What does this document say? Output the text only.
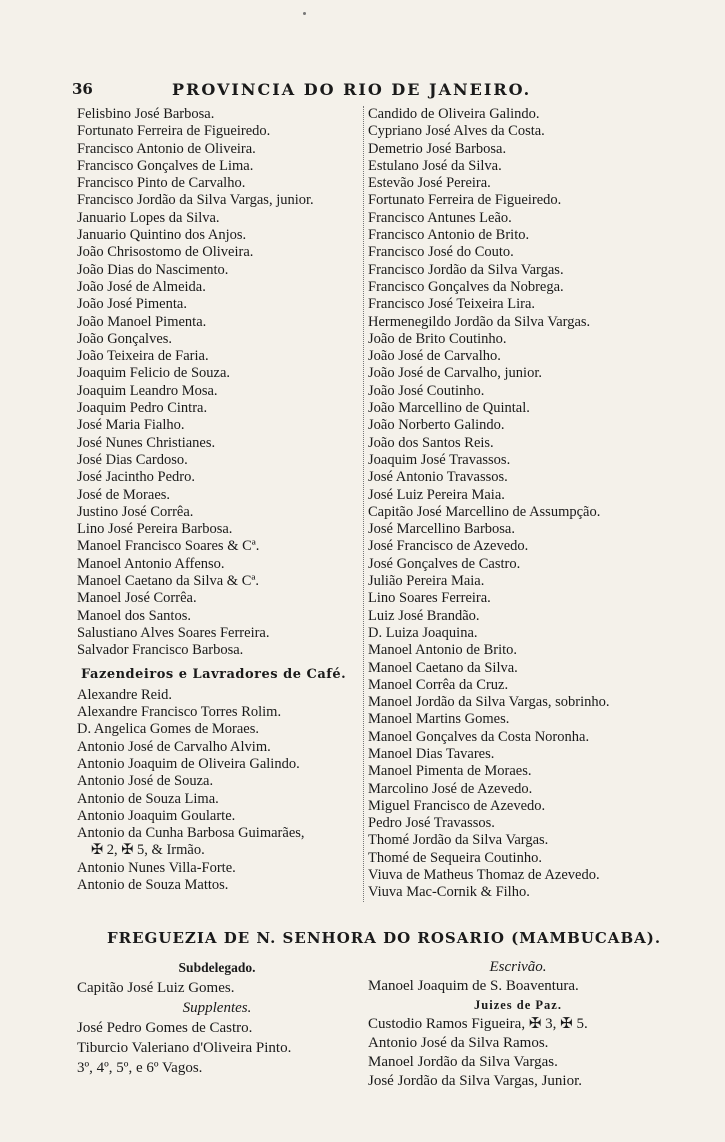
36	PROVINCIA DO RIO DE JANEIRO.
Felisbino José Barbosa.
Fortunato Ferreira de Figueiredo.
Francisco Antonio de Oliveira.
Francisco Gonçalves de Lima.
Francisco Pinto de Carvalho.
Francisco Jordão da Silva Vargas, junior.
Januario Lopes da Silva.
Januario Quintino dos Anjos.
João Chrisostomo de Oliveira.
João Dias do Nascimento.
João José de Almeida.
João José Pimenta.
João Manoel Pimenta.
João Gonçalves.
João Teixeira de Faria.
Joaquim Felicio de Souza.
Joaquim Leandro Mosa.
Joaquim Pedro Cintra.
José Maria Fialho.
José Nunes Christianes.
José Dias Cardoso.
José Jacintho Pedro.
José de Moraes.
Justino José Corrêa.
Lino José Pereira Barbosa.
Manoel Francisco Soares & Cª.
Manoel Antonio Affenso.
Manoel Caetano da Silva & Cª.
Manoel José Corrêa.
Manoel dos Santos.
Salustiano Alves Soares Ferreira.
Salvador Francisco Barbosa.
Fazendeiros e Lavradores de Café.
Alexandre Reid.
Alexandre Francisco Torres Rolim.
D. Angelica Gomes de Moraes.
Antonio José de Carvalho Alvim.
Antonio Joaquim de Oliveira Galindo.
Antonio José de Souza.
Antonio de Souza Lima.
Antonio Joaquim Goularte.
Antonio da Cunha Barbosa Guimarães,
✠ 2, ✠ 5, & Irmão.
Antonio Nunes Villa-Forte.
Antonio de Souza Mattos.
Candido de Oliveira Galindo.
Cypriano José Alves da Costa.
Demetrio José Barbosa.
Estulano José da Silva.
Estevão José Pereira.
Fortunato Ferreira de Figueiredo.
Francisco Antunes Leão.
Francisco Antonio de Brito.
Francisco José do Couto.
Francisco Jordão da Silva Vargas.
Francisco Gonçalves da Nobrega.
Francisco José Teixeira Lira.
Hermenegildo Jordão da Silva Vargas.
João de Brito Coutinho.
João José de Carvalho.
João José de Carvalho, junior.
João José Coutinho.
João Marcellino de Quintal.
João Norberto Galindo.
João dos Santos Reis.
Joaquim José Travassos.
José Antonio Travassos.
José Luiz Pereira Maia.
Capitão José Marcellino de Assumpção.
José Marcellino Barbosa.
José Francisco de Azevedo.
José Gonçalves de Castro.
Julião Pereira Maia.
Lino Soares Ferreira.
Luiz José Brandão.
D. Luiza Joaquina.
Manoel Antonio de Brito.
Manoel Caetano da Silva.
Manoel Corrêa da Cruz.
Manoel Jordão da Silva Vargas, sobrinho.
Manoel Martins Gomes.
Manoel Gonçalves da Costa Noronha.
Manoel Dias Tavares.
Manoel Pimenta de Moraes.
Marcolino José de Azevedo.
Miguel Francisco de Azevedo.
Pedro José Travassos.
Thomé Jordão da Silva Vargas.
Thomé de Sequeira Coutinho.
Viuva de Matheus Thomaz de Azevedo.
Viuva Mac-Cornik & Filho.
FREGUEZIA DE N. SENHORA DO ROSARIO (MAMBUCABA).
Subdelegado.
Capitão José Luiz Gomes.
Supplentes.
José Pedro Gomes de Castro.
Tiburcio Valeriano d'Oliveira Pinto.
3º, 4º, 5º, e 6º Vagos.
Escrivão.
Manoel Joaquim de S. Boaventura.
Juizes de Paz.
Custodio Ramos Figueira, ✠ 3, ✠ 5.
Antonio José da Silva Ramos.
Manoel Jordão da Silva Vargas.
José Jordão da Silva Vargas, Junior.
